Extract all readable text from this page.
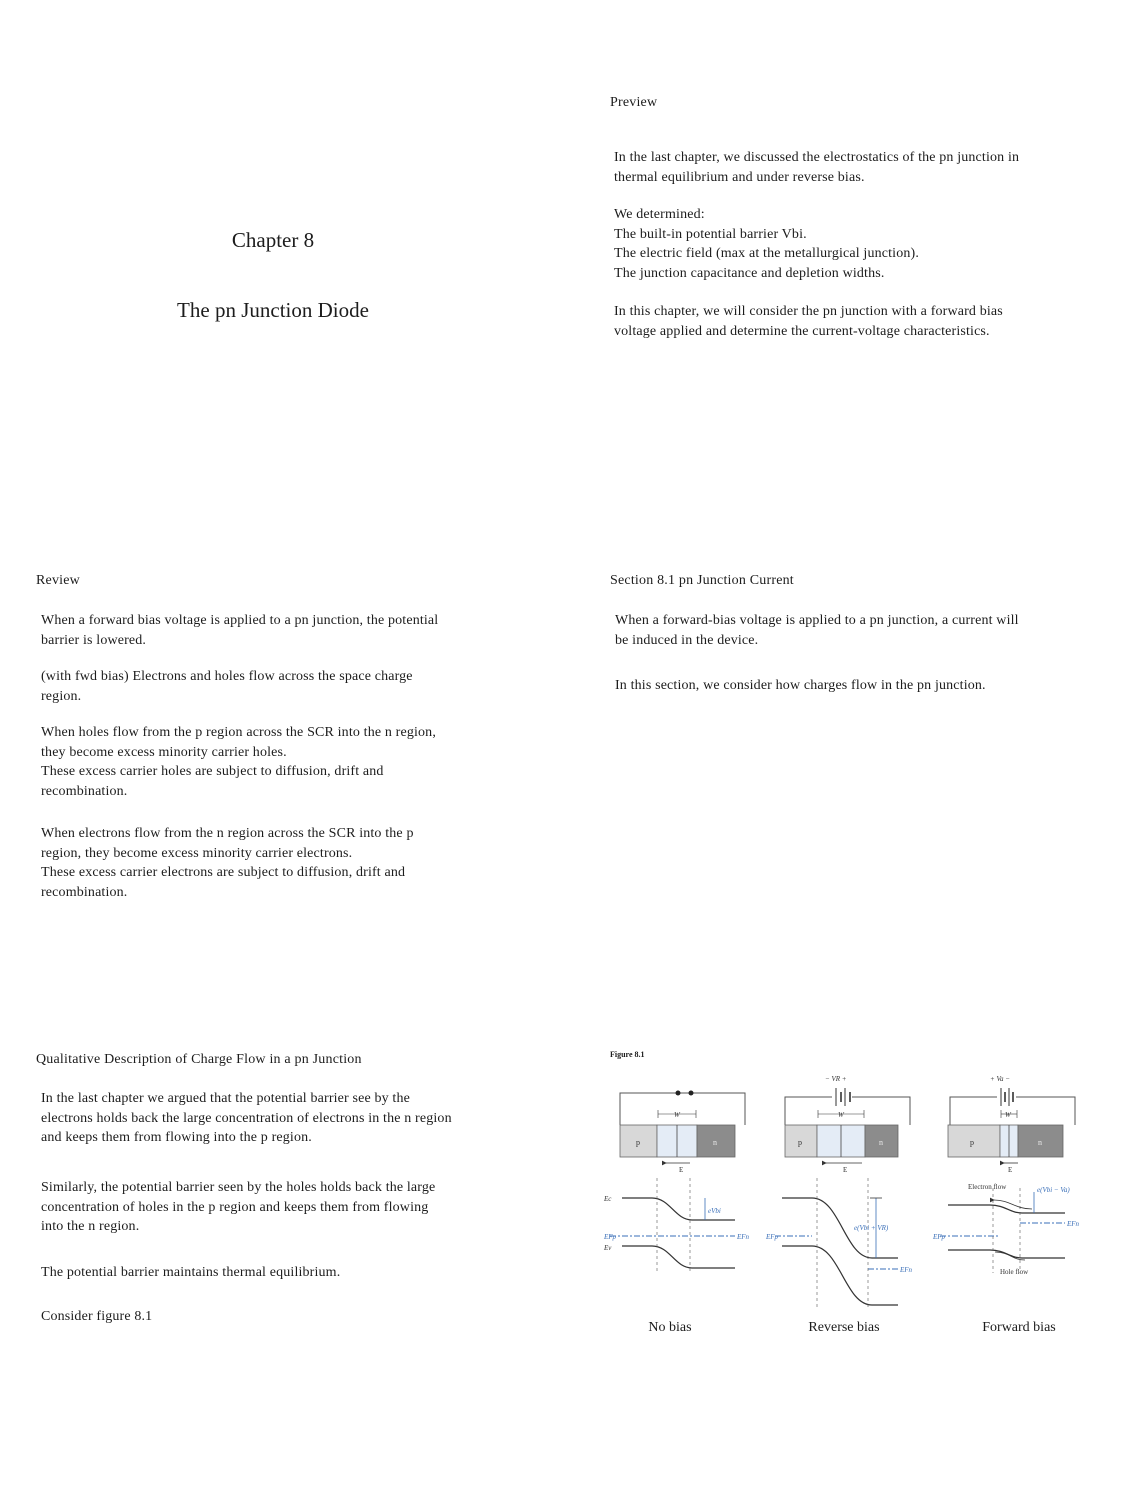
Chapter 8
The pn Junction Diode
Preview
In the last chapter, we discussed the electrostatics of the pn junction in
thermal equilibrium and under reverse bias.
We determined:
The built-in potential barrier Vbi.
The electric field (max at the metallurgical junction).
The junction capacitance and depletion widths.
In this chapter, we will consider the pn junction with a forward bias
voltage applied and determine the current-voltage characteristics.
Review
When a forward bias voltage is applied to a pn junction, the potential
barrier is lowered.
(with fwd bias) Electrons and holes flow across the space charge
region.
When holes flow from the p region across the SCR into the n region,
they become excess minority carrier holes.
These excess carrier holes are subject to diffusion, drift and
recombination.
When electrons flow from the n region across the SCR into the p
region, they become excess minority carrier electrons.
These excess carrier electrons are subject to diffusion, drift and
recombination.
Section 8.1 pn Junction Current
When a forward-bias voltage is applied to a pn junction, a current will
be induced in the device.
In this section, we consider how charges flow in the pn junction.
Qualitative Description of Charge Flow in a pn Junction
In the last chapter we argued that the potential barrier see by the
electrons holds back the large concentration of electrons in the n region
and keeps them from flowing into the p region.
Similarly, the potential barrier seen by the holes holds back the large
concentration of holes in the p region and keeps them from flowing
into the n region.
The potential barrier maintains thermal equilibrium.
Consider figure 8.1
Figure 8.1
p	n
W
E
Ec
Ev
EFp	EFn
eVbi
− VR +
p	n
W
E
EFp
EFn
e(Vbi + VR)
+ Va −
p	n
W
E
Electron flow
Hole flow
EFp
EFn
e(Vbi − Va)
No bias	Reverse bias	Forward bias
